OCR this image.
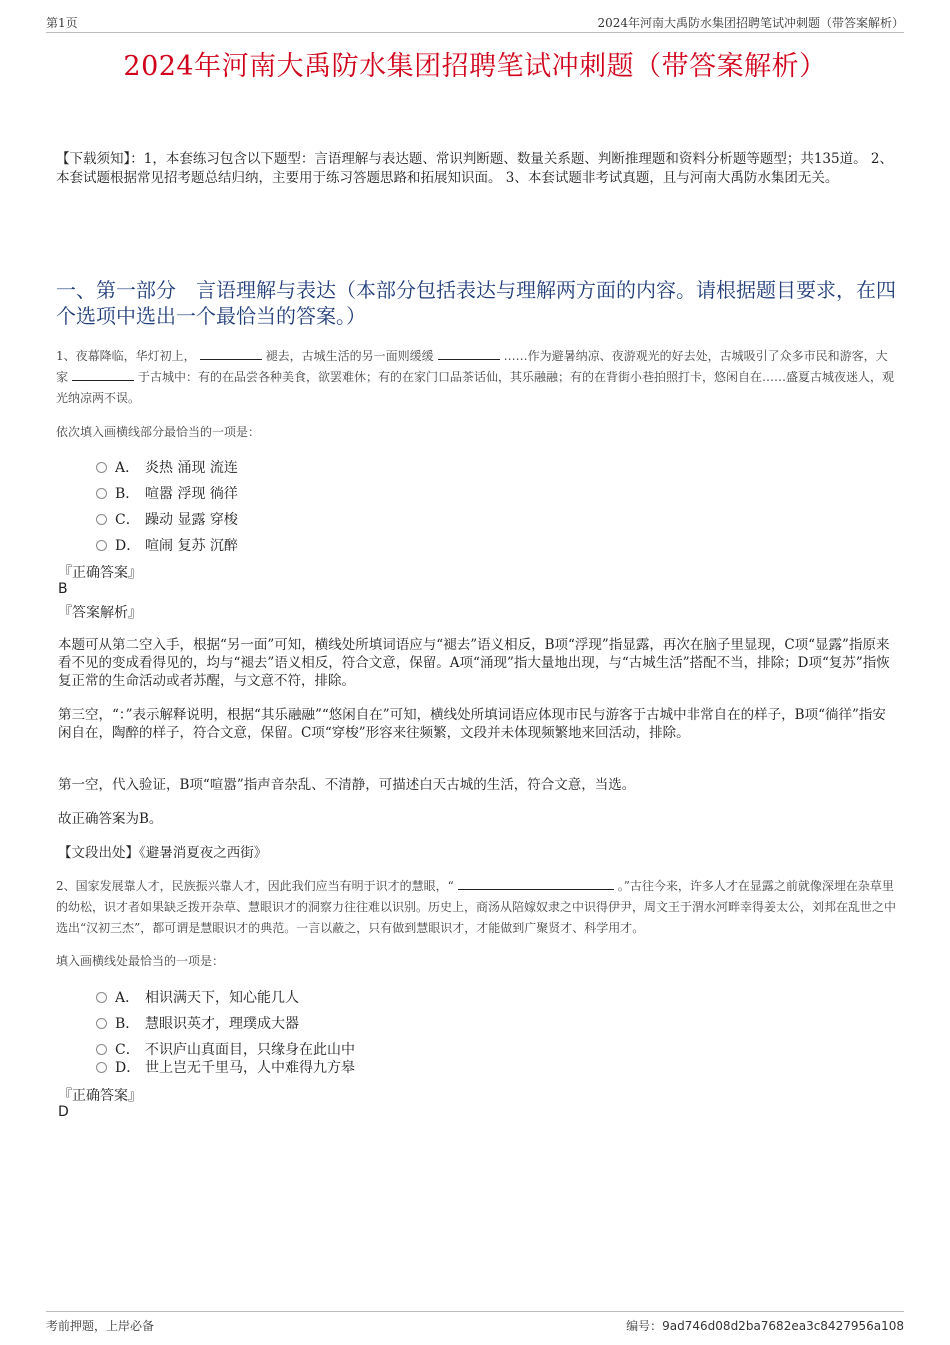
第1页	2024年河南大禹防水集团招聘笔试冲刺题（带答案解析）
2024年河南大禹防水集团招聘笔试冲刺题（带答案解析）
【下载须知】：1，本套练习包含以下题型：言语理解与表达题、常识判断题、数量关系题、判断推理题和资料分析题等题型；共135道。 2、本套试题根据常见招考题总结归纳，主要用于练习答题思路和拓展知识面。 3、本套试题非考试真题，且与河南大禹防水集团无关。
一、第一部分　言语理解与表达（本部分包括表达与理解两方面的内容。请根据题目要求，在四个选项中选出一个最恰当的答案。）
1、夜幕降临，华灯初上，	褪去，古城生活的另一面则缓缓	……作为避暑纳凉、夜游观光的好去处，古城吸引了众多市民和游客，大家	于古城中：有的在品尝各种美食，欲罢难休；有的在家门口品茶话仙，其乐融融；有的在背街小巷拍照打卡，悠闲自在……盛夏古城夜迷人，观光纳凉两不误。
依次填入画横线部分最恰当的一项是：
A． 炎热 涌现 流连
B． 喧嚣 浮现 徜徉
C． 躁动 显露 穿梭
D． 喧闹 复苏 沉醉
『正确答案』
B
『答案解析』
本题可从第二空入手，根据“另一面”可知，横线处所填词语应与“褪去”语义相反，B项“浮现”指显露，再次在脑子里显现，C项“显露”指原来看不见的变成看得见的，均与“褪去”语义相反，符合文意，保留。A项“涌现”指大量地出现，与“古城生活”搭配不当，排除；D项“复苏”指恢复正常的生命活动或者苏醒，与文意不符，排除。
第三空，“：”表示解释说明，根据“其乐融融”“悠闲自在”可知，横线处所填词语应体现市民与游客于古城中非常自在的样子，B项“徜徉”指安闲自在，陶醉的样子，符合文意，保留。C项“穿梭”形容来往频繁，文段并未体现频繁地来回活动，排除。
第一空，代入验证，B项“喧嚣”指声音杂乱、不清静，可描述白天古城的生活，符合文意，当选。
故正确答案为B。
【文段出处】《避暑消夏夜之西街》
2、国家发展靠人才，民族振兴靠人才，因此我们应当有明于识才的慧眼，“	。”古往今来，许多人才在显露之前就像深埋在杂草里的幼松，识才者如果缺乏拨开杂草、慧眼识才的洞察力往往难以识别。历史上，商汤从陪嫁奴隶之中识得伊尹，周文王于渭水河畔幸得姜太公，刘邦在乱世之中选出“汉初三杰”，都可谓是慧眼识才的典范。一言以蔽之，只有做到慧眼识才，才能做到广聚贤才、科学用才。
填入画横线处最恰当的一项是：
A． 相识满天下，知心能几人
B． 慧眼识英才，理璞成大器
C． 不识庐山真面目，只缘身在此山中
D． 世上岂无千里马，人中难得九方皋
『正确答案』
D
考前押题，上岸必备	编号：9ad746d08d2ba7682ea3c8427956a108
